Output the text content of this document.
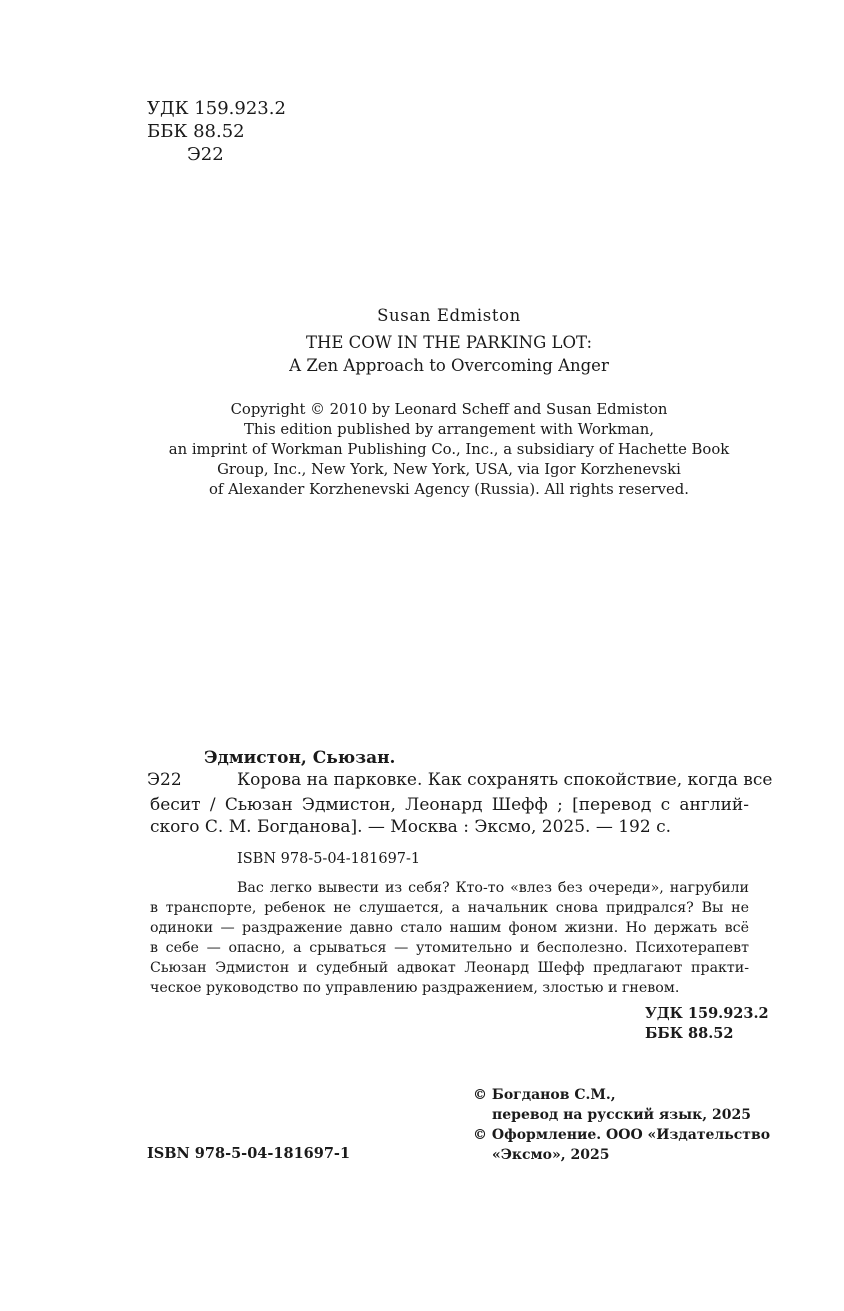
УДК 159.923.2
ББК 88.52
Э22
Susan Edmiston
THE COW IN THE PARKING LOT:
A Zen Approach to Overcoming Anger
Copyright © 2010 by Leonard Scheff and Susan Edmiston
This edition published by arrangement with Workman,
an imprint of Workman Publishing Co., Inc., a subsidiary of Hachette Book
Group, Inc., New York, New York, USA, via Igor Korzhenevski
of Alexander Korzhenevski Agency (Russia). All rights reserved.
Эдмистон, Сьюзан.
Э22	Корова на парковке. Как сохранять спокойствие, когда все
бесит / Сьюзан Эдмистон, Леонард Шефф ; [перевод с англий-
ского С. М. Богданова]. — Москва : Эксмо, 2025. — 192 с.
ISBN 978-5-04-181697-1
Вас легко вывести из себя? Кто-то «влез без очереди», нагрубили
в транспорте, ребенок не слушается, а начальник снова придрался? Вы не
одиноки — раздражение давно стало нашим фоном жизни. Но держать всё
в себе — опасно, а срываться — утомительно и бесполезно. Психотерапевт
Сьюзан Эдмистон и судебный адвокат Леонард Шефф предлагают практи-
ческое руководство по управлению раздражением, злостью и гневом.
УДК 159.923.2
ББК 88.52
© Богданов С.М.,
перевод на русский язык, 2025
© Оформление. ООО «Издательство
«Эксмо», 2025
ISBN 978-5-04-181697-1
